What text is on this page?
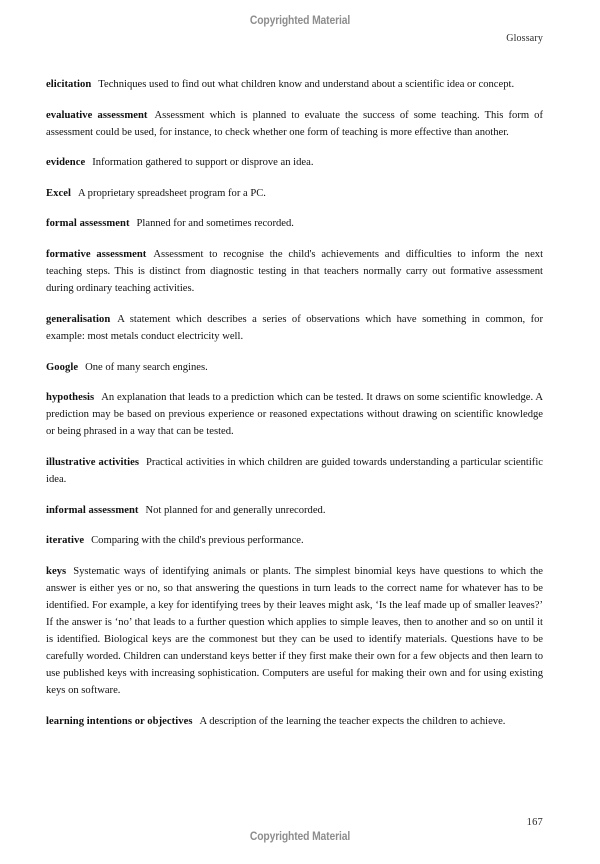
Copyrighted Material
Glossary

elicitation Techniques used to find out what children know and understand about a scientific idea or concept.

evaluative assessment Assessment which is planned to evaluate the success of some teaching. This form of assessment could be used, for instance, to check whether one form of teaching is more effective than another.

evidence Information gathered to support or disprove an idea.

Excel A proprietary spreadsheet program for a PC.

formal assessment Planned for and sometimes recorded.

formative assessment Assessment to recognise the child's achievements and difficulties to inform the next teaching steps. This is distinct from diagnostic testing in that teachers normally carry out formative assessment during ordinary teaching activities.

generalisation A statement which describes a series of observations which have something in common, for example: most metals conduct electricity well.

Google One of many search engines.

hypothesis An explanation that leads to a prediction which can be tested. It draws on some scientific knowledge. A prediction may be based on previous experience or reasoned expectations without drawing on scientific knowledge or being phrased in a way that can be tested.

illustrative activities Practical activities in which children are guided towards understanding a particular scientific idea.

informal assessment Not planned for and generally unrecorded.

iterative Comparing with the child's previous performance.

keys Systematic ways of identifying animals or plants. The simplest binomial keys have questions to which the answer is either yes or no, so that answering the questions in turn leads to the correct name for whatever has to be identified. For example, a key for identifying trees by their leaves might ask, ‘Is the leaf made up of smaller leaves?’ If the answer is ‘no’ that leads to a further question which applies to simple leaves, then to another and so on until it is identified. Biological keys are the commonest but they can be used to identify materials. Questions have to be carefully worded. Children can understand keys better if they first make their own for a few objects and then learn to use published keys with increasing sophistication. Computers are useful for making their own and for using existing keys on software.

learning intentions or objectives A description of the learning the teacher expects the children to achieve.

167
Copyrighted Material
